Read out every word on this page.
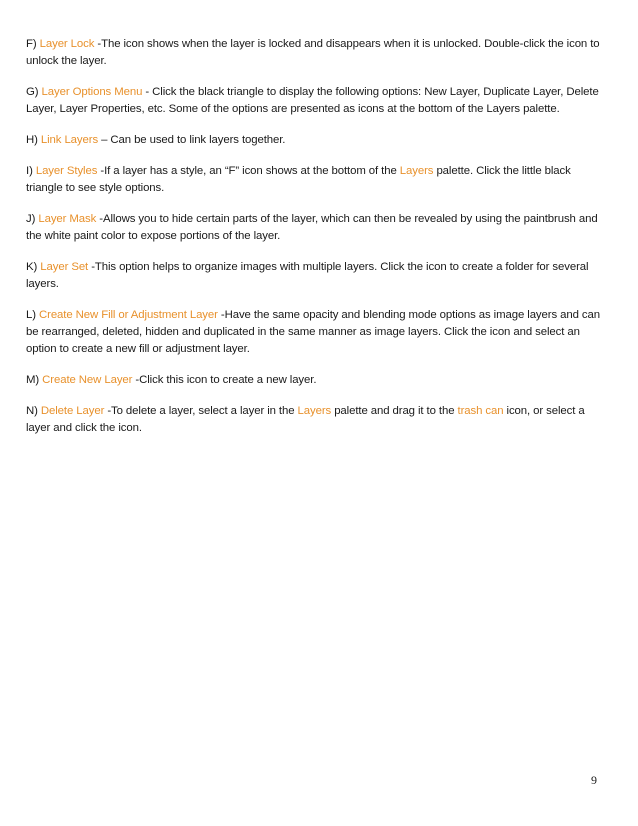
F) Layer Lock -The icon shows when the layer is locked and disappears when it is unlocked. Double-click the icon to unlock the layer.

G) Layer Options Menu - Click the black triangle to display the following options: New Layer, Duplicate Layer, Delete Layer, Layer Properties, etc. Some of the options are presented as icons at the bottom of the Layers palette.

H) Link Layers – Can be used to link layers together.

I) Layer Styles -If a layer has a style, an “F” icon shows at the bottom of the Layers palette. Click the little black triangle to see style options.

J) Layer Mask -Allows you to hide certain parts of the layer, which can then be revealed by using the paintbrush and the white paint color to expose portions of the layer.

K) Layer Set -This option helps to organize images with multiple layers. Click the icon to create a folder for several layers.

L) Create New Fill or Adjustment Layer -Have the same opacity and blending mode options as image layers and can be rearranged, deleted, hidden and duplicated in the same manner as image layers. Click the icon and select an option to create a new fill or adjustment layer.

M) Create New Layer -Click this icon to create a new layer.

N) Delete Layer -To delete a layer, select a layer in the Layers palette and drag it to the trash can icon, or select a layer and click the icon.

9
